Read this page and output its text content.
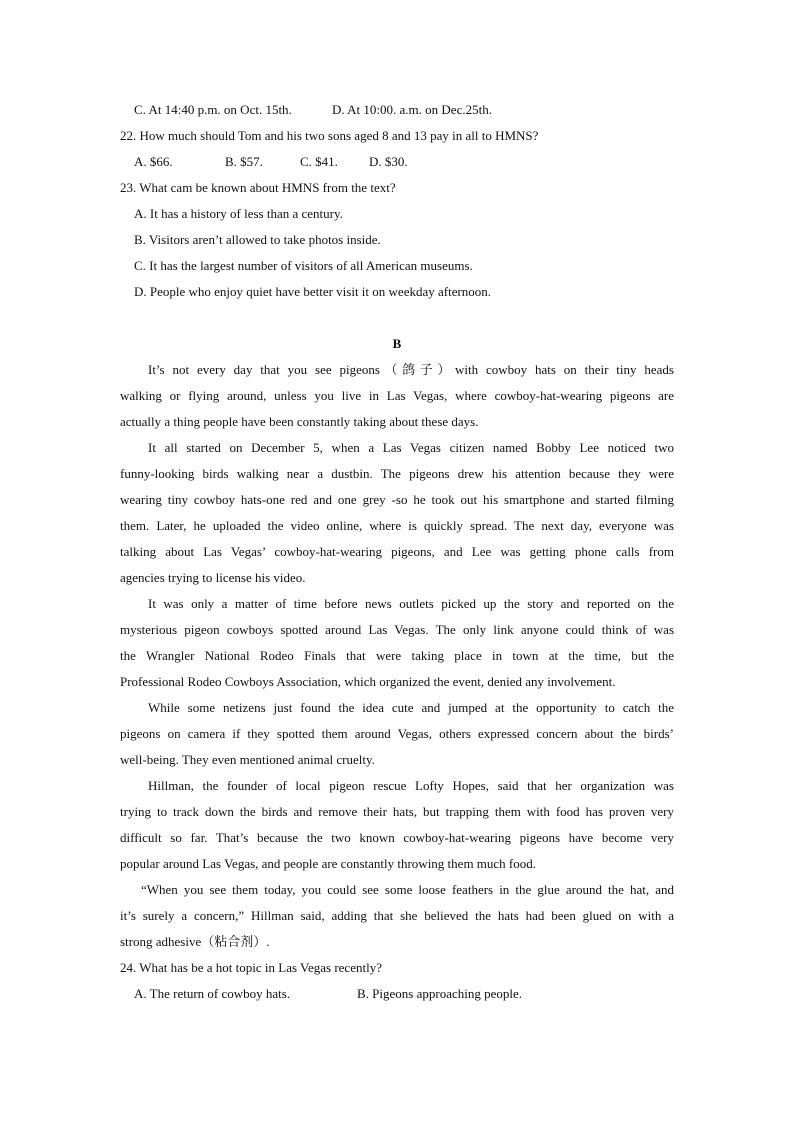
C. At 14:40 p.m. on Oct. 15th.	D. At 10:00. a.m. on Dec.25th.
22. How much should Tom and his two sons aged 8 and 13 pay in all to HMNS?
A. $66.	B. $57.	C. $41. D. $30.
23. What cam be known about HMNS from the text?
A. It has a history of less than a century.
B. Visitors aren’t allowed to take photos inside.
C. It has the largest number of visitors of all American museums.
D. People who enjoy quiet have better visit it on weekday afternoon.
B
It’s not every day that you see pigeons（鸽子）with cowboy hats on their tiny heads
walking or flying around, unless you live in Las Vegas, where cowboy-hat-wearing pigeons are
actually a thing people have been constantly taking about these days.
It all started on December 5, when a Las Vegas citizen named Bobby Lee noticed two
funny-looking birds walking near a dustbin. The pigeons drew his attention because they were
wearing tiny cowboy hats-one red and one grey -so he took out his smartphone and started filming
them. Later, he uploaded the video online, where is quickly spread. The next day, everyone was
talking about Las Vegas’ cowboy-hat-wearing pigeons, and Lee was getting phone calls from
agencies trying to license his video.
It was only a matter of time before news outlets picked up the story and reported on the
mysterious pigeon cowboys spotted around Las Vegas. The only link anyone could think of was
the Wrangler National Rodeo Finals that were taking place in town at the time, but the
Professional Rodeo Cowboys Association, which organized the event, denied any involvement.
While some netizens just found the idea cute and jumped at the opportunity to catch the
pigeons on camera if they spotted them around Vegas, others expressed concern about the birds’
well-being. They even mentioned animal cruelty.
Hillman, the founder of local pigeon rescue Lofty Hopes, said that her organization was
trying to track down the birds and remove their hats, but trapping them with food has proven very
difficult so far. That’s because the two known cowboy-hat-wearing pigeons have become very
popular around Las Vegas, and people are constantly throwing them much food.
“When you see them today, you could see some loose feathers in the glue around the hat, and
it’s surely a concern,” Hillman said, adding that she believed the hats had been glued on with a
strong adhesive（粘合剂）.
24. What has be a hot topic in Las Vegas recently?
A. The return of cowboy hats.	B. Pigeons approaching people.
